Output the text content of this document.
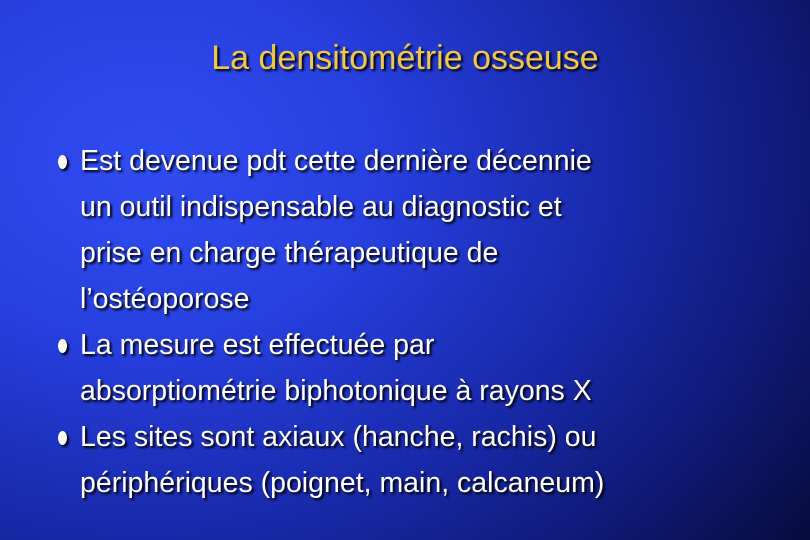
La densitométrie osseuse
Est devenue pdt cette dernière décennie
un outil indispensable au diagnostic et
prise en charge thérapeutique de
l’ostéoporose
La mesure est effectuée par
absorptiométrie biphotonique à rayons X
Les sites sont axiaux (hanche, rachis) ou
périphériques (poignet, main, calcaneum)
